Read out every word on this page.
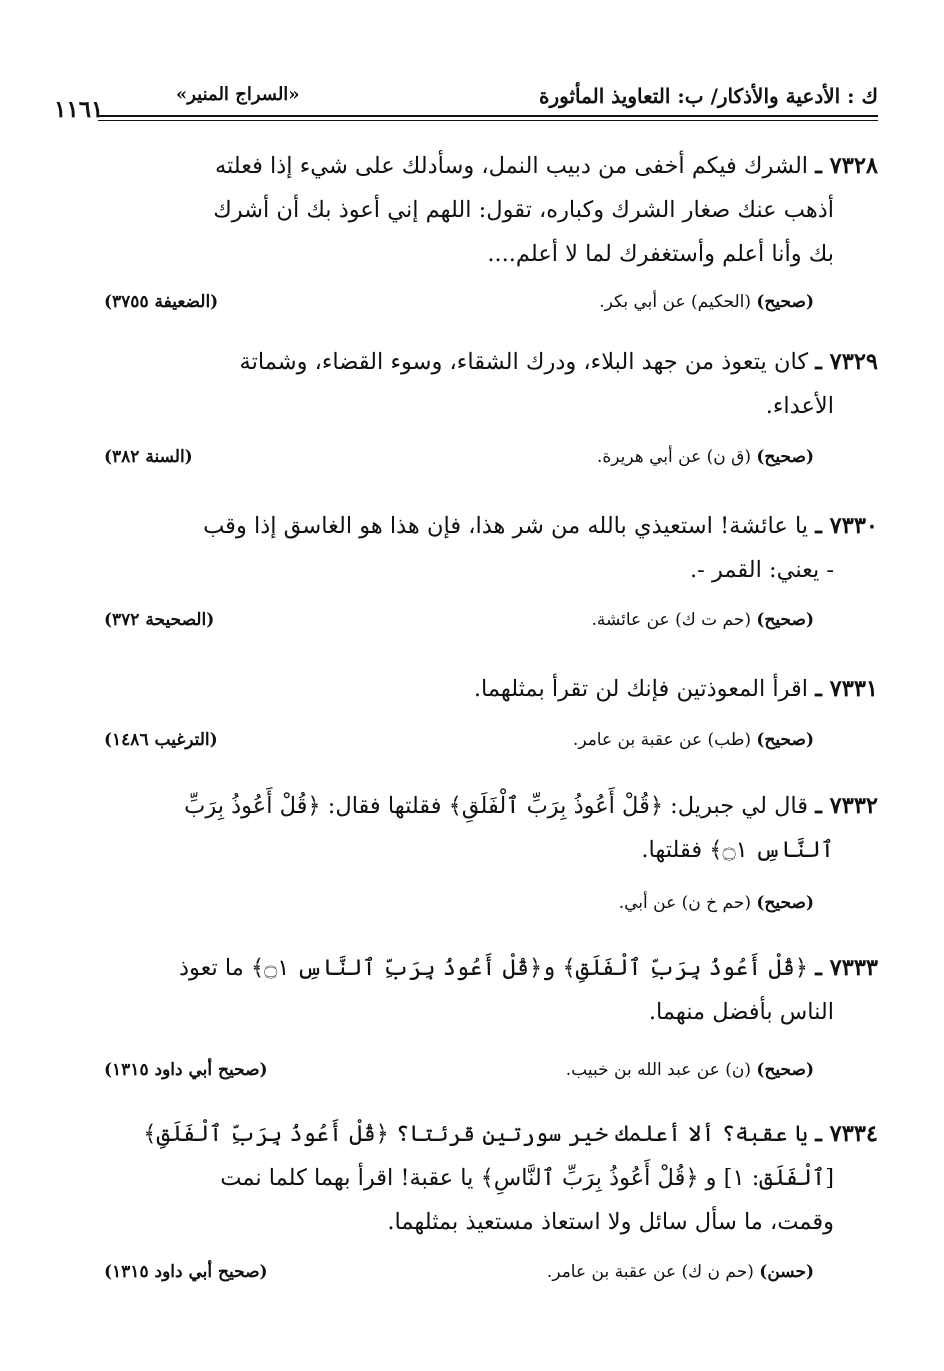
ك : الأدعية والأذكار/ ب: التعاويذ المأثورة
«السراج المنير»
١١٦١
٧٣٢٨ ـ الشرك فيكم أخفى من دبيب النمل، وسأدلك على شيء إذا فعلته
أذهب عنك صغار الشرك وكباره، تقول: اللهم إني أعوذ بك أن أشرك
بك وأنا أعلم وأستغفرك لما لا أعلم....
(صحيح) (الحكيم) عن أبي بكر.
(الضعيفة ٣٧٥٥)
٧٣٢٩ ـ كان يتعوذ من جهد البلاء، ودرك الشقاء، وسوء القضاء، وشماتة
الأعداء.
(صحيح) (ق ن) عن أبي هريرة.
(السنة ٣٨٢)
٧٣٣٠ ـ يا عائشة! استعيذي بالله من شر هذا، فإن هذا هو الغاسق إذا وقب
- يعني: القمر -.
(صحيح) (حم ت ك) عن عائشة.
(الصحيحة ٣٧٢)
٧٣٣١ ـ اقرأ المعوذتين فإنك لن تقرأ بمثلهما.
(صحيح) (طب) عن عقبة بن عامر.
(الترغيب ١٤٨٦)
٧٣٣٢ ـ قال لي جبريل: ﴿قُلْ أَعُوذُ بِرَبِّ ٱلْفَلَقِ﴾ فقلتها فقال: ﴿قُلْ أَعُوذُ بِرَبِّ
ٱلنَّاسِ ۝١﴾ فقلتها.
(صحيح) (حم خ ن) عن أبي.
٧٣٣٣ ـ ﴿قُلْ أَعُوذُ بِرَبِّ ٱلْفَلَقِ﴾ و﴿قُلْ أَعُوذُ بِرَبِّ ٱلنَّاسِ ۝١﴾ ما تعوذ
الناس بأفضل منهما.
(صحيح) (ن) عن عبد الله بن خبيب.
(صحيح أبي داود ١٣١٥)
٧٣٣٤ ـ يا عقبة؟ ألا أعلمك خير سورتين قرئتا؟ ﴿قُلْ أَعُوذُ بِرَبِّ ٱلْفَلَقِ﴾
[ٱلْفَلَق: ١] و ﴿قُلْ أَعُوذُ بِرَبِّ ٱلنَّاسِ﴾ يا عقبة! اقرأ بهما كلما نمت
وقمت، ما سأل سائل ولا استعاذ مستعيذ بمثلهما.
(حسن) (حم ن ك) عن عقبة بن عامر.
(صحيح أبي داود ١٣١٥)
